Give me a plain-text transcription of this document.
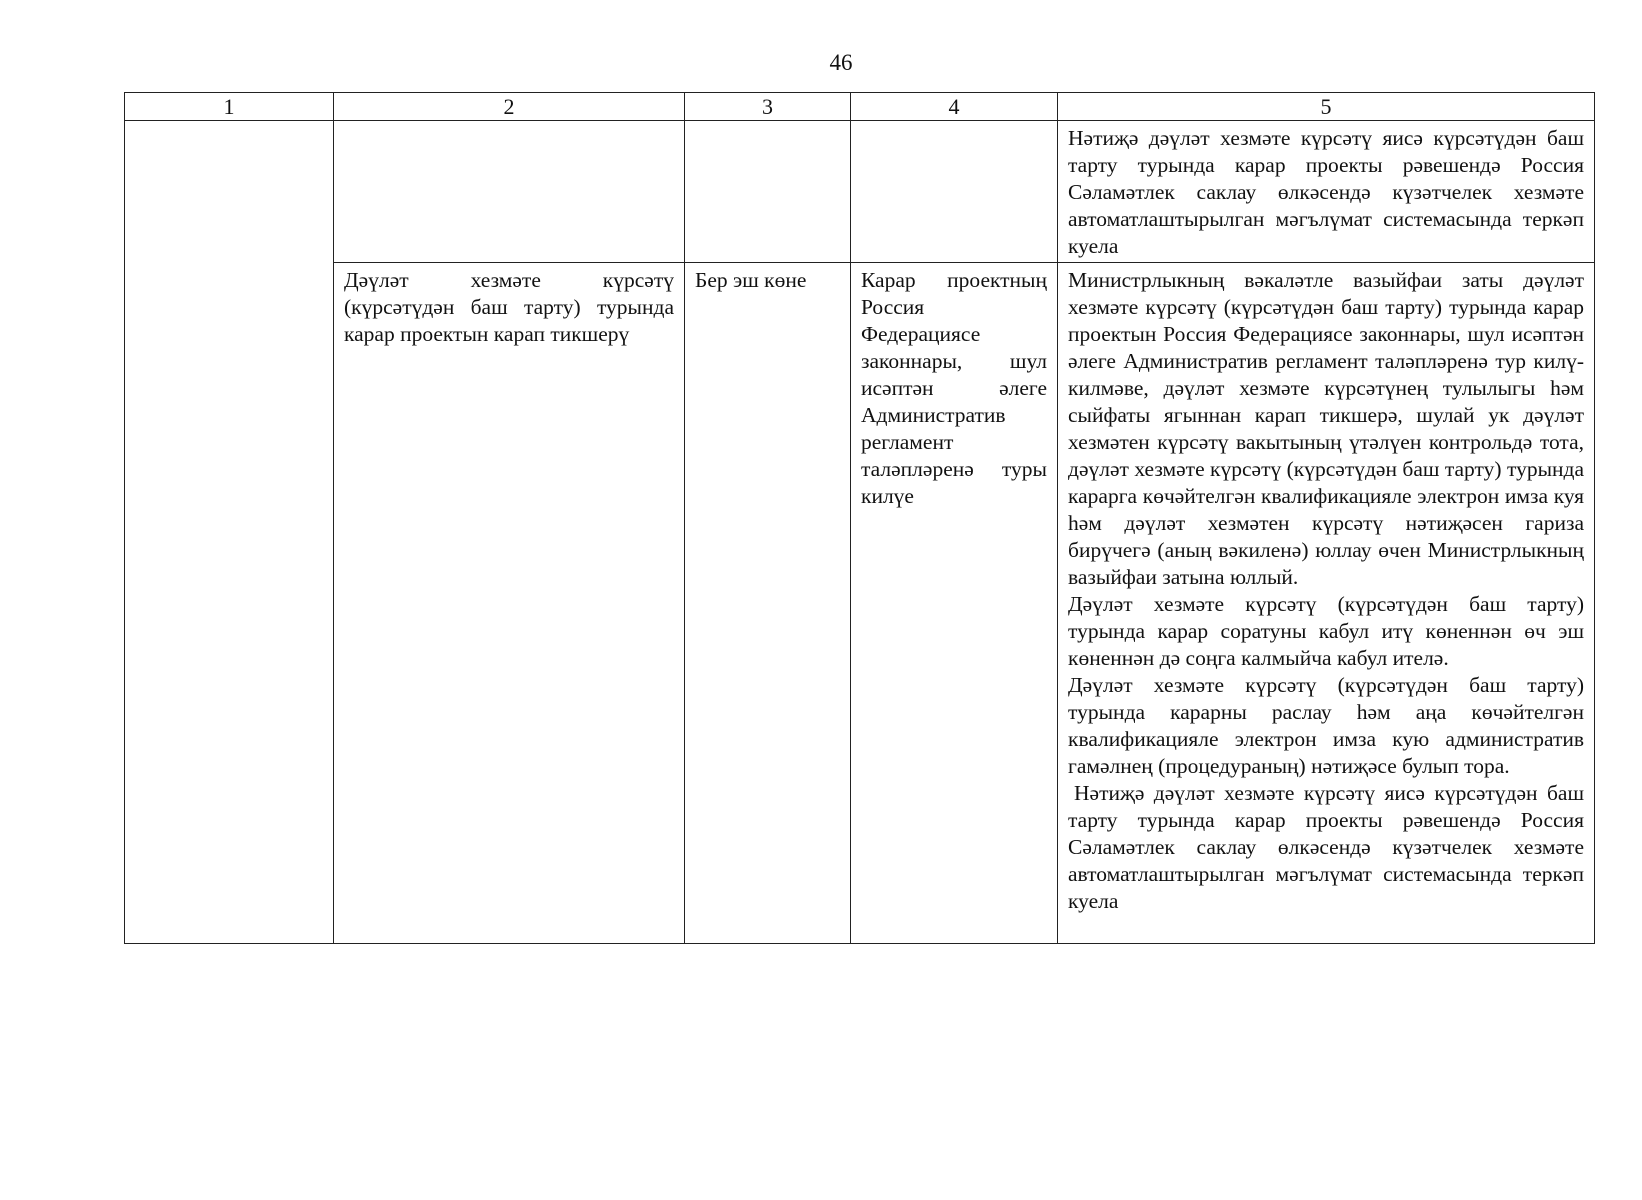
46
1	2	3	4	5

				Нәтиҗә дәүләт хезмәте күрсәтү яисә күрсәтүдән баш тарту турында карар проекты рәвешендә Россия Сәламәтлек саклау өлкәсендә күзәтчелек хезмәте автоматлаштырылган мәгълүмат системасында теркәп куела

	Дәүләт хезмәте күрсәтү (күрсәтүдән баш тарту) турында карар проектын карап тикшерү	Бер эш көне	Карар проектның Россия Федерациясе законнары, шул исәптән әлеге Административ регламент таләпләренә туры килүе	Министрлыкның вәкаләтле вазыйфаи заты дәүләт хезмәте күрсәтү (күрсәтүдән баш тарту) турында карар проектын Россия Федерациясе законнары, шул исәптән әлеге Административ регламент таләпләренә тур килү-килмәве, дәүләт хезмәте күрсәтүнең тулылыгы һәм сыйфаты ягыннан карап тикшерә, шулай ук дәүләт хезмәтен күрсәтү вакытының үтәлүен контрольдә тота, дәүләт хезмәте күрсәтү (күрсәтүдән баш тарту) турында карарга көчәйтелгән квалификацияле электрон имза куя һәм дәүләт хезмәтен күрсәтү нәтиҗәсен гариза бирүчегә (аның вәкиленә) юллау өчен Министрлыкның вазыйфаи затына юллый.
Дәүләт хезмәте күрсәтү (күрсәтүдән баш тарту) турында карар соратуны кабул итү көненнән өч эш көненнән дә соңга калмыйча кабул ителә.
Дәүләт хезмәте күрсәтү (күрсәтүдән баш тарту) турында карарны раслау һәм аңа көчәйтелгән квалификацияле электрон имза кую административ гамәлнең (процедураның) нәтиҗәсе булып тора.
Нәтиҗә дәүләт хезмәте күрсәтү яисә күрсәтүдән баш тарту турында карар проекты рәвешендә Россия Сәламәтлек саклау өлкәсендә күзәтчелек хезмәте автоматлаштырылган мәгълүмат системасында теркәп куела
